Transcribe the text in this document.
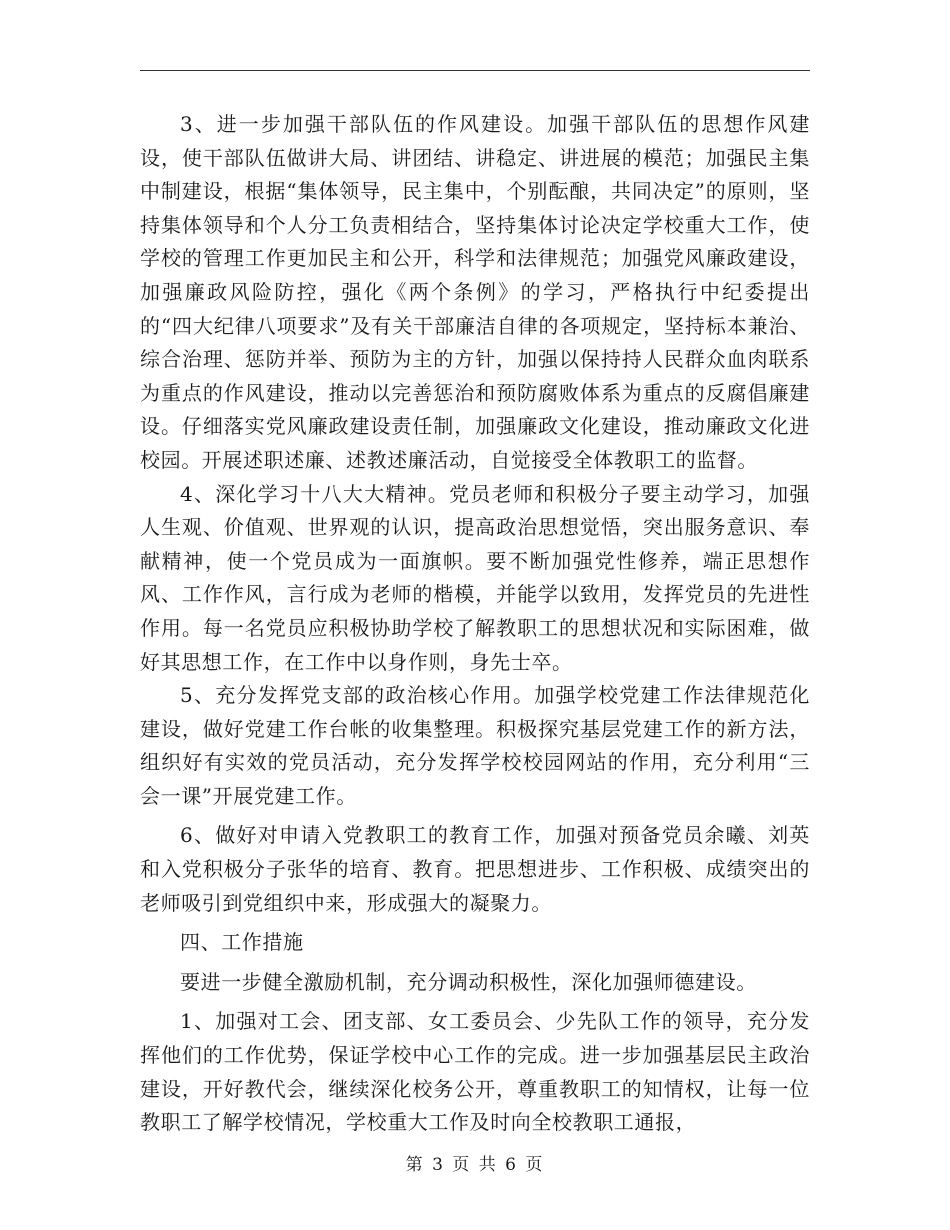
3、进一步加强干部队伍的作风建设。加强干部队伍的思想作风建设，使干部队伍做讲大局、讲团结、讲稳定、讲进展的模范；加强民主集中制建设，根据“集体领导，民主集中，个别酝酿，共同决定”的原则，坚持集体领导和个人分工负责相结合，坚持集体讨论决定学校重大工作，使学校的管理工作更加民主和公开，科学和法律规范；加强党风廉政建设，加强廉政风险防控，强化《两个条例》的学习，严格执行中纪委提出的“四大纪律八项要求”及有关干部廉洁自律的各项规定，坚持标本兼治、综合治理、惩防并举、预防为主的方针，加强以保持持人民群众血肉联系为重点的作风建设，推动以完善惩治和预防腐败体系为重点的反腐倡廉建设。仔细落实党风廉政建设责任制，加强廉政文化建设，推动廉政文化进校园。开展述职述廉、述教述廉活动，自觉接受全体教职工的监督。

4、深化学习十八大大精神。党员老师和积极分子要主动学习，加强人生观、价值观、世界观的认识，提高政治思想觉悟，突出服务意识、奉献精神，使一个党员成为一面旗帜。要不断加强党性修养，端正思想作风、工作作风，言行成为老师的楷模，并能学以致用，发挥党员的先进性作用。每一名党员应积极协助学校了解教职工的思想状况和实际困难，做好其思想工作，在工作中以身作则，身先士卒。

5、充分发挥党支部的政治核心作用。加强学校党建工作法律规范化建设，做好党建工作台帐的收集整理。积极探究基层党建工作的新方法，组织好有实效的党员活动，充分发挥学校校园网站的作用，充分利用“三会一课”开展党建工作。

6、做好对申请入党教职工的教育工作，加强对预备党员余曦、刘英和入党积极分子张华的培育、教育。把思想进步、工作积极、成绩突出的老师吸引到党组织中来，形成强大的凝聚力。

四、工作措施

要进一步健全激励机制，充分调动积极性，深化加强师德建设。

1、加强对工会、团支部、女工委员会、少先队工作的领导，充分发挥他们的工作优势，保证学校中心工作的完成。进一步加强基层民主政治建设，开好教代会，继续深化校务公开，尊重教职工的知情权，让每一位教职工了解学校情况，学校重大工作及时向全校教职工通报，

第 3 页 共 6 页
